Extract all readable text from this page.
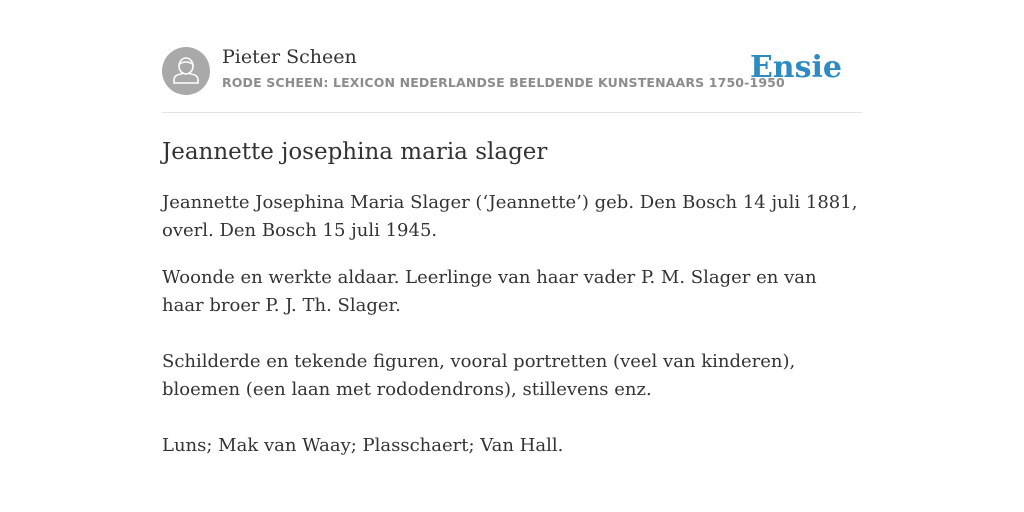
Pieter Scheen
RODE SCHEEN: LEXICON NEDERLANDSE BEELDENDE KUNSTENAARS 1750-1950
Ensie
Jeannette josephina maria slager

Jeannette Josephina Maria Slager (‘Jeannette’) geb. Den Bosch 14 juli 1881, overl. Den Bosch 15 juli 1945.

Woonde en werkte aldaar. Leerlinge van haar vader P. M. Slager en van haar broer P. J. Th. Slager.

Schilderde en tekende figuren, vooral portretten (veel van kinderen), bloemen (een laan met rododendrons), stillevens enz.

Luns; Mak van Waay; Plasschaert; Van Hall.
